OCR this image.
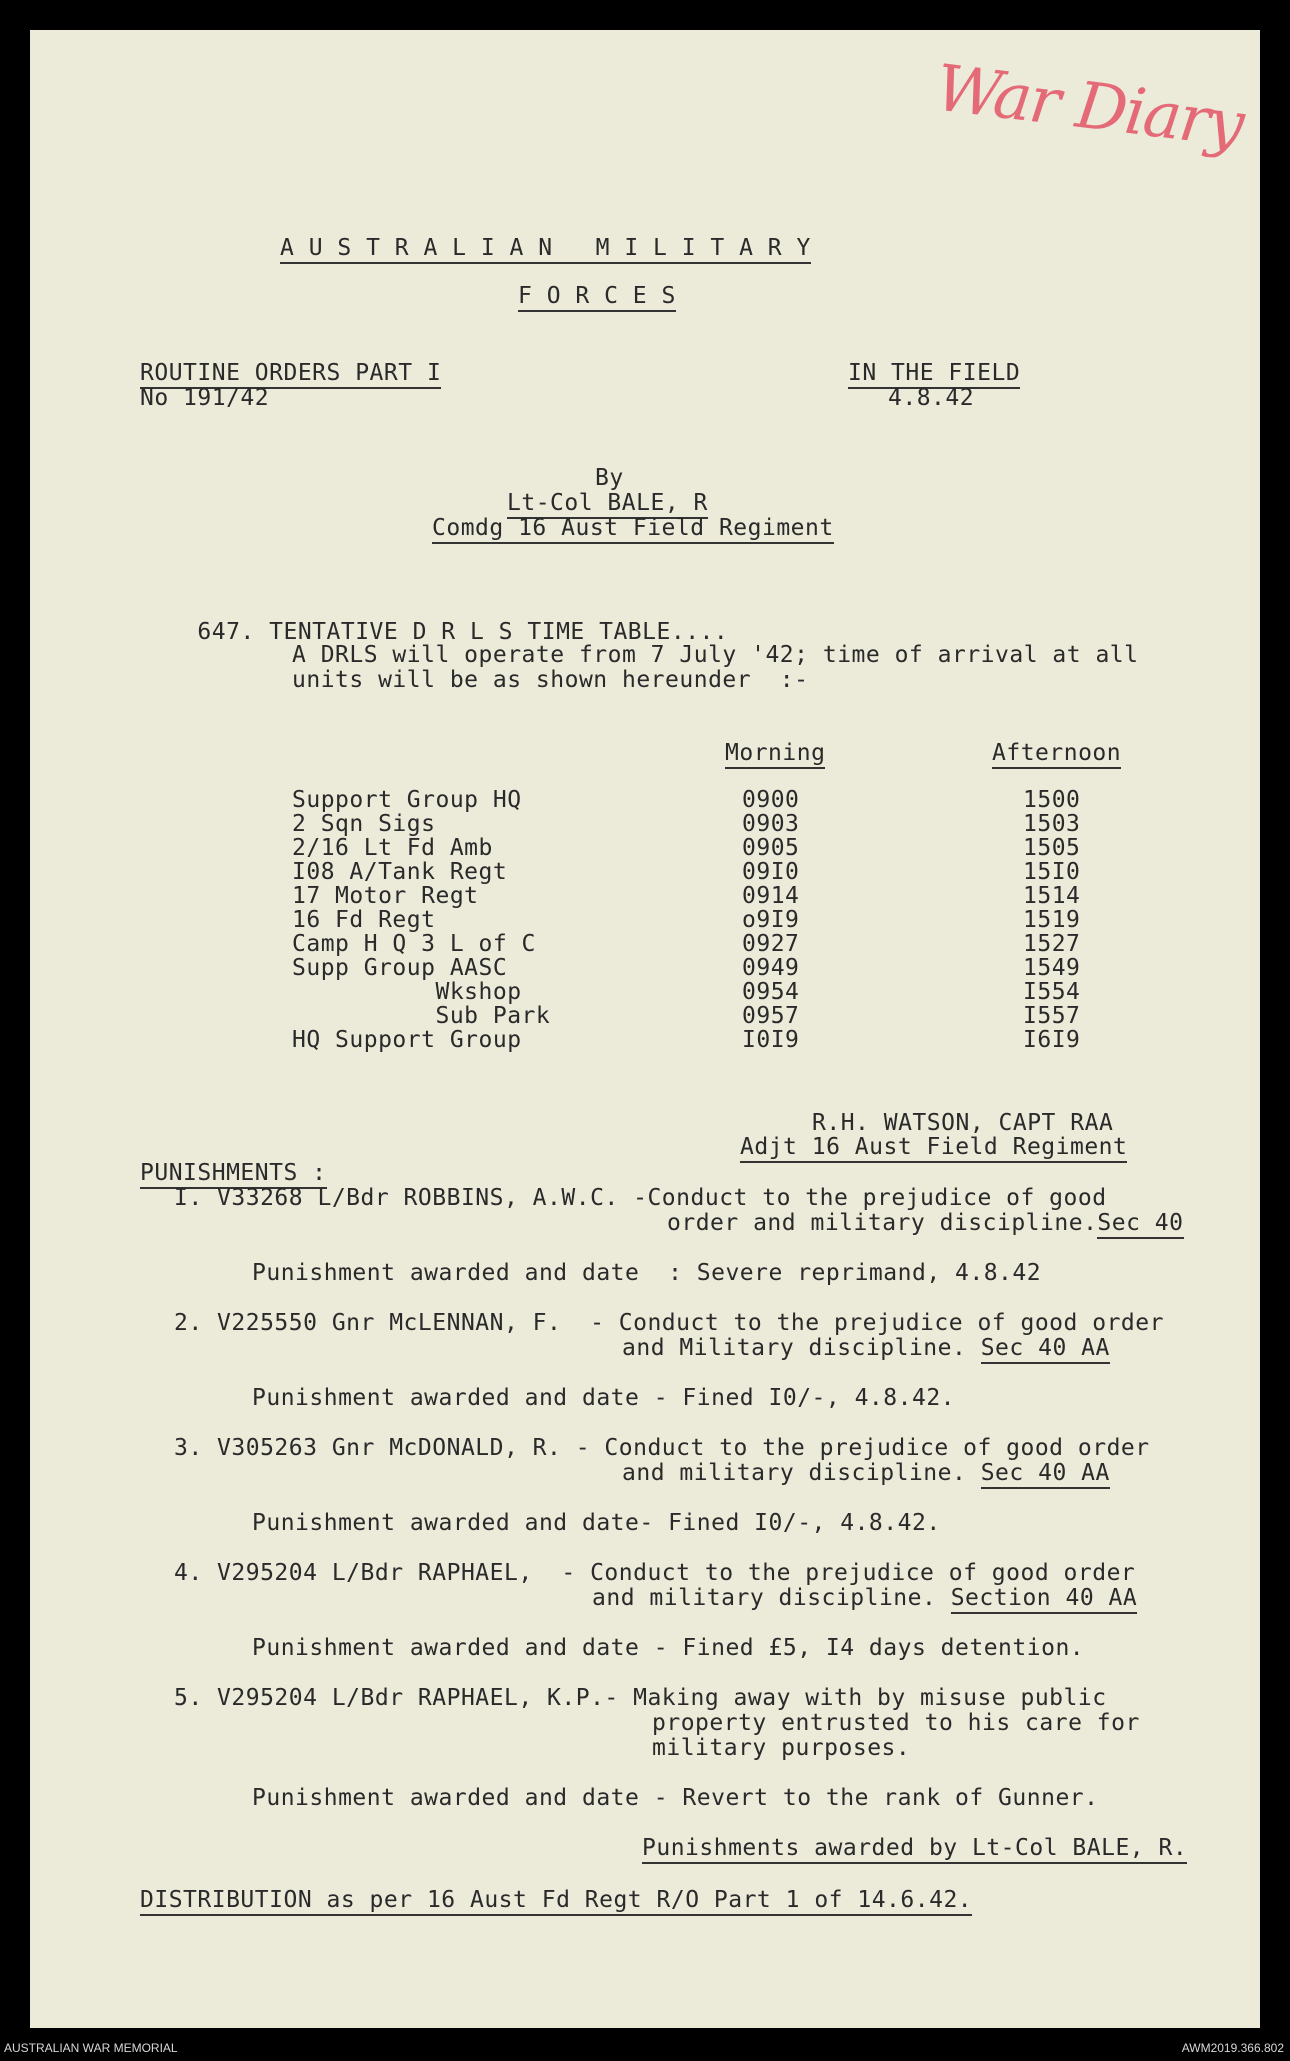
War Diary
A U S T R A L I A N   M I L I T A R Y
F O R C E S
ROUTINE ORDERS PART I
No 191/42
IN THE FIELD
4.8.42
By
Lt-Col BALE, R
Comdg 16 Aust Field Regiment

647. TENTATIVE D R L S TIME TABLE....

A DRLS will operate from 7 July '42; time of arrival at all
units will be as shown hereunder  :-
Morning	Afternoon
Support Group HQ	0900	1500
2 Sqn Sigs	0903	1503
2/16 Lt Fd Amb	0905	1505
I08 A/Tank Regt	09I0	15I0
17 Motor Regt	0914	1514
16 Fd Regt	o9I9	1519
Camp H Q 3 L of C	0927	1527
Supp Group AASC	0949	1549
Wkshop	0954	I554
Sub Park	0957	I557
HQ Support Group	I0I9	I6I9
R.H. WATSON, CAPT RAA
Adjt 16 Aust Field Regiment
PUNISHMENTS :
I. V33268 L/Bdr ROBBINS, A.W.C. -Conduct to the prejudice of good
order and military discipline.Sec 40
Punishment awarded and date  : Severe reprimand, 4.8.42
2. V225550 Gnr McLENNAN, F.  - Conduct to the prejudice of good order
and Military discipline. Sec 40 AA
Punishment awarded and date - Fined I0/-, 4.8.42.
3. V305263 Gnr McDONALD, R. - Conduct to the prejudice of good order
and military discipline. Sec 40 AA
Punishment awarded and date- Fined I0/-, 4.8.42.
4. V295204 L/Bdr RAPHAEL,  - Conduct to the prejudice of good order
and military discipline. Section 40 AA
Punishment awarded and date - Fined £5, I4 days detention.
5. V295204 L/Bdr RAPHAEL, K.P.- Making away with by misuse public
property entrusted to his care for
military purposes.
Punishment awarded and date - Revert to the rank of Gunner.
Punishments awarded by Lt-Col BALE, R.
DISTRIBUTION as per 16 Aust Fd Regt R/O Part 1 of 14.6.42.
AUSTRALIAN WAR MEMORIAL	AWM2019.366.802
